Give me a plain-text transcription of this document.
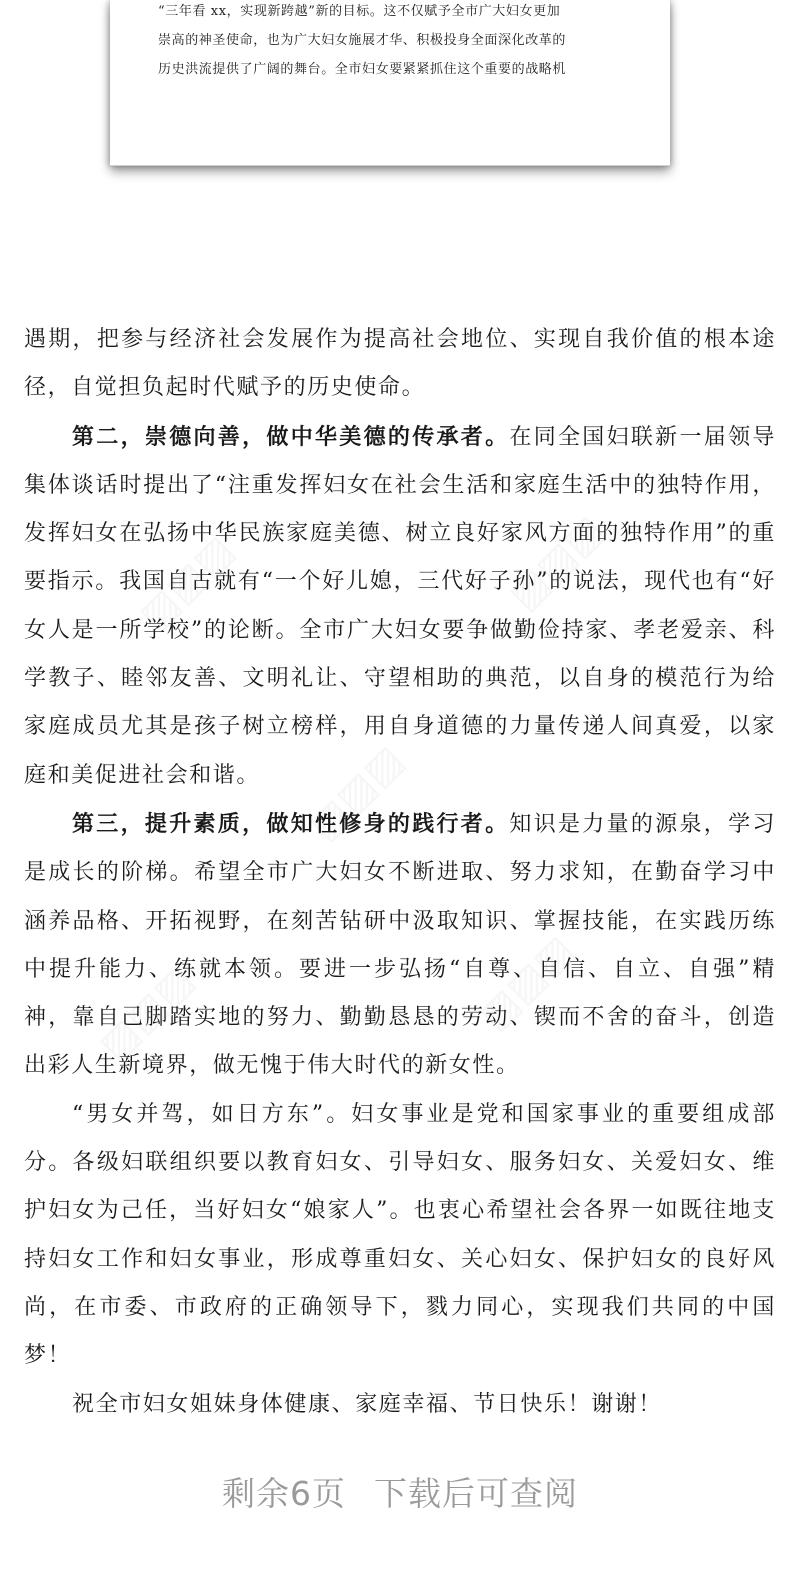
“三年看 xx，实现新跨越”新的目标。这不仅赋予全市广大妇女更加

崇高的神圣使命，也为广大妇女施展才华、积极投身全面深化改革的

历史洪流提供了广阔的舞台。全市妇女要紧紧抓住这个重要的战略机

遇期，把参与经济社会发展作为提高社会地位、实现自我价值的根本途径，自觉担负起时代赋予的历史使命。

第二，崇德向善，做中华美德的传承者。在同全国妇联新一届领导集体谈话时提出了“注重发挥妇女在社会生活和家庭生活中的独特作用，发挥妇女在弘扬中华民族家庭美德、树立良好家风方面的独特作用”的重要指示。我国自古就有“一个好儿媳，三代好子孙”的说法，现代也有“好女人是一所学校”的论断。全市广大妇女要争做勤俭持家、孝老爱亲、科学教子、睦邻友善、文明礼让、守望相助的典范，以自身的模范行为给家庭成员尤其是孩子树立榜样，用自身道德的力量传递人间真爱，以家庭和美促进社会和谐。

第三，提升素质，做知性修身的践行者。知识是力量的源泉，学习是成长的阶梯。希望全市广大妇女不断进取、努力求知，在勤奋学习中涵养品格、开拓视野，在刻苦钻研中汲取知识、掌握技能，在实践历练中提升能力、练就本领。要进一步弘扬“自尊、自信、自立、自强”精神，靠自己脚踏实地的努力、勤勤恳恳的劳动、锲而不舍的奋斗，创造出彩人生新境界，做无愧于伟大时代的新女性。

“男女并驾，如日方东”。妇女事业是党和国家事业的重要组成部分。各级妇联组织要以教育妇女、引导妇女、服务妇女、关爱妇女、维护妇女为己任，当好妇女“娘家人”。也衷心希望社会各界一如既往地支持妇女工作和妇女事业，形成尊重妇女、关心妇女、保护妇女的良好风尚，在市委、市政府的正确领导下，戮力同心，实现我们共同的中国梦！

祝全市妇女姐妹身体健康、家庭幸福、节日快乐！谢谢！

剩余6页 下载后可查阅
